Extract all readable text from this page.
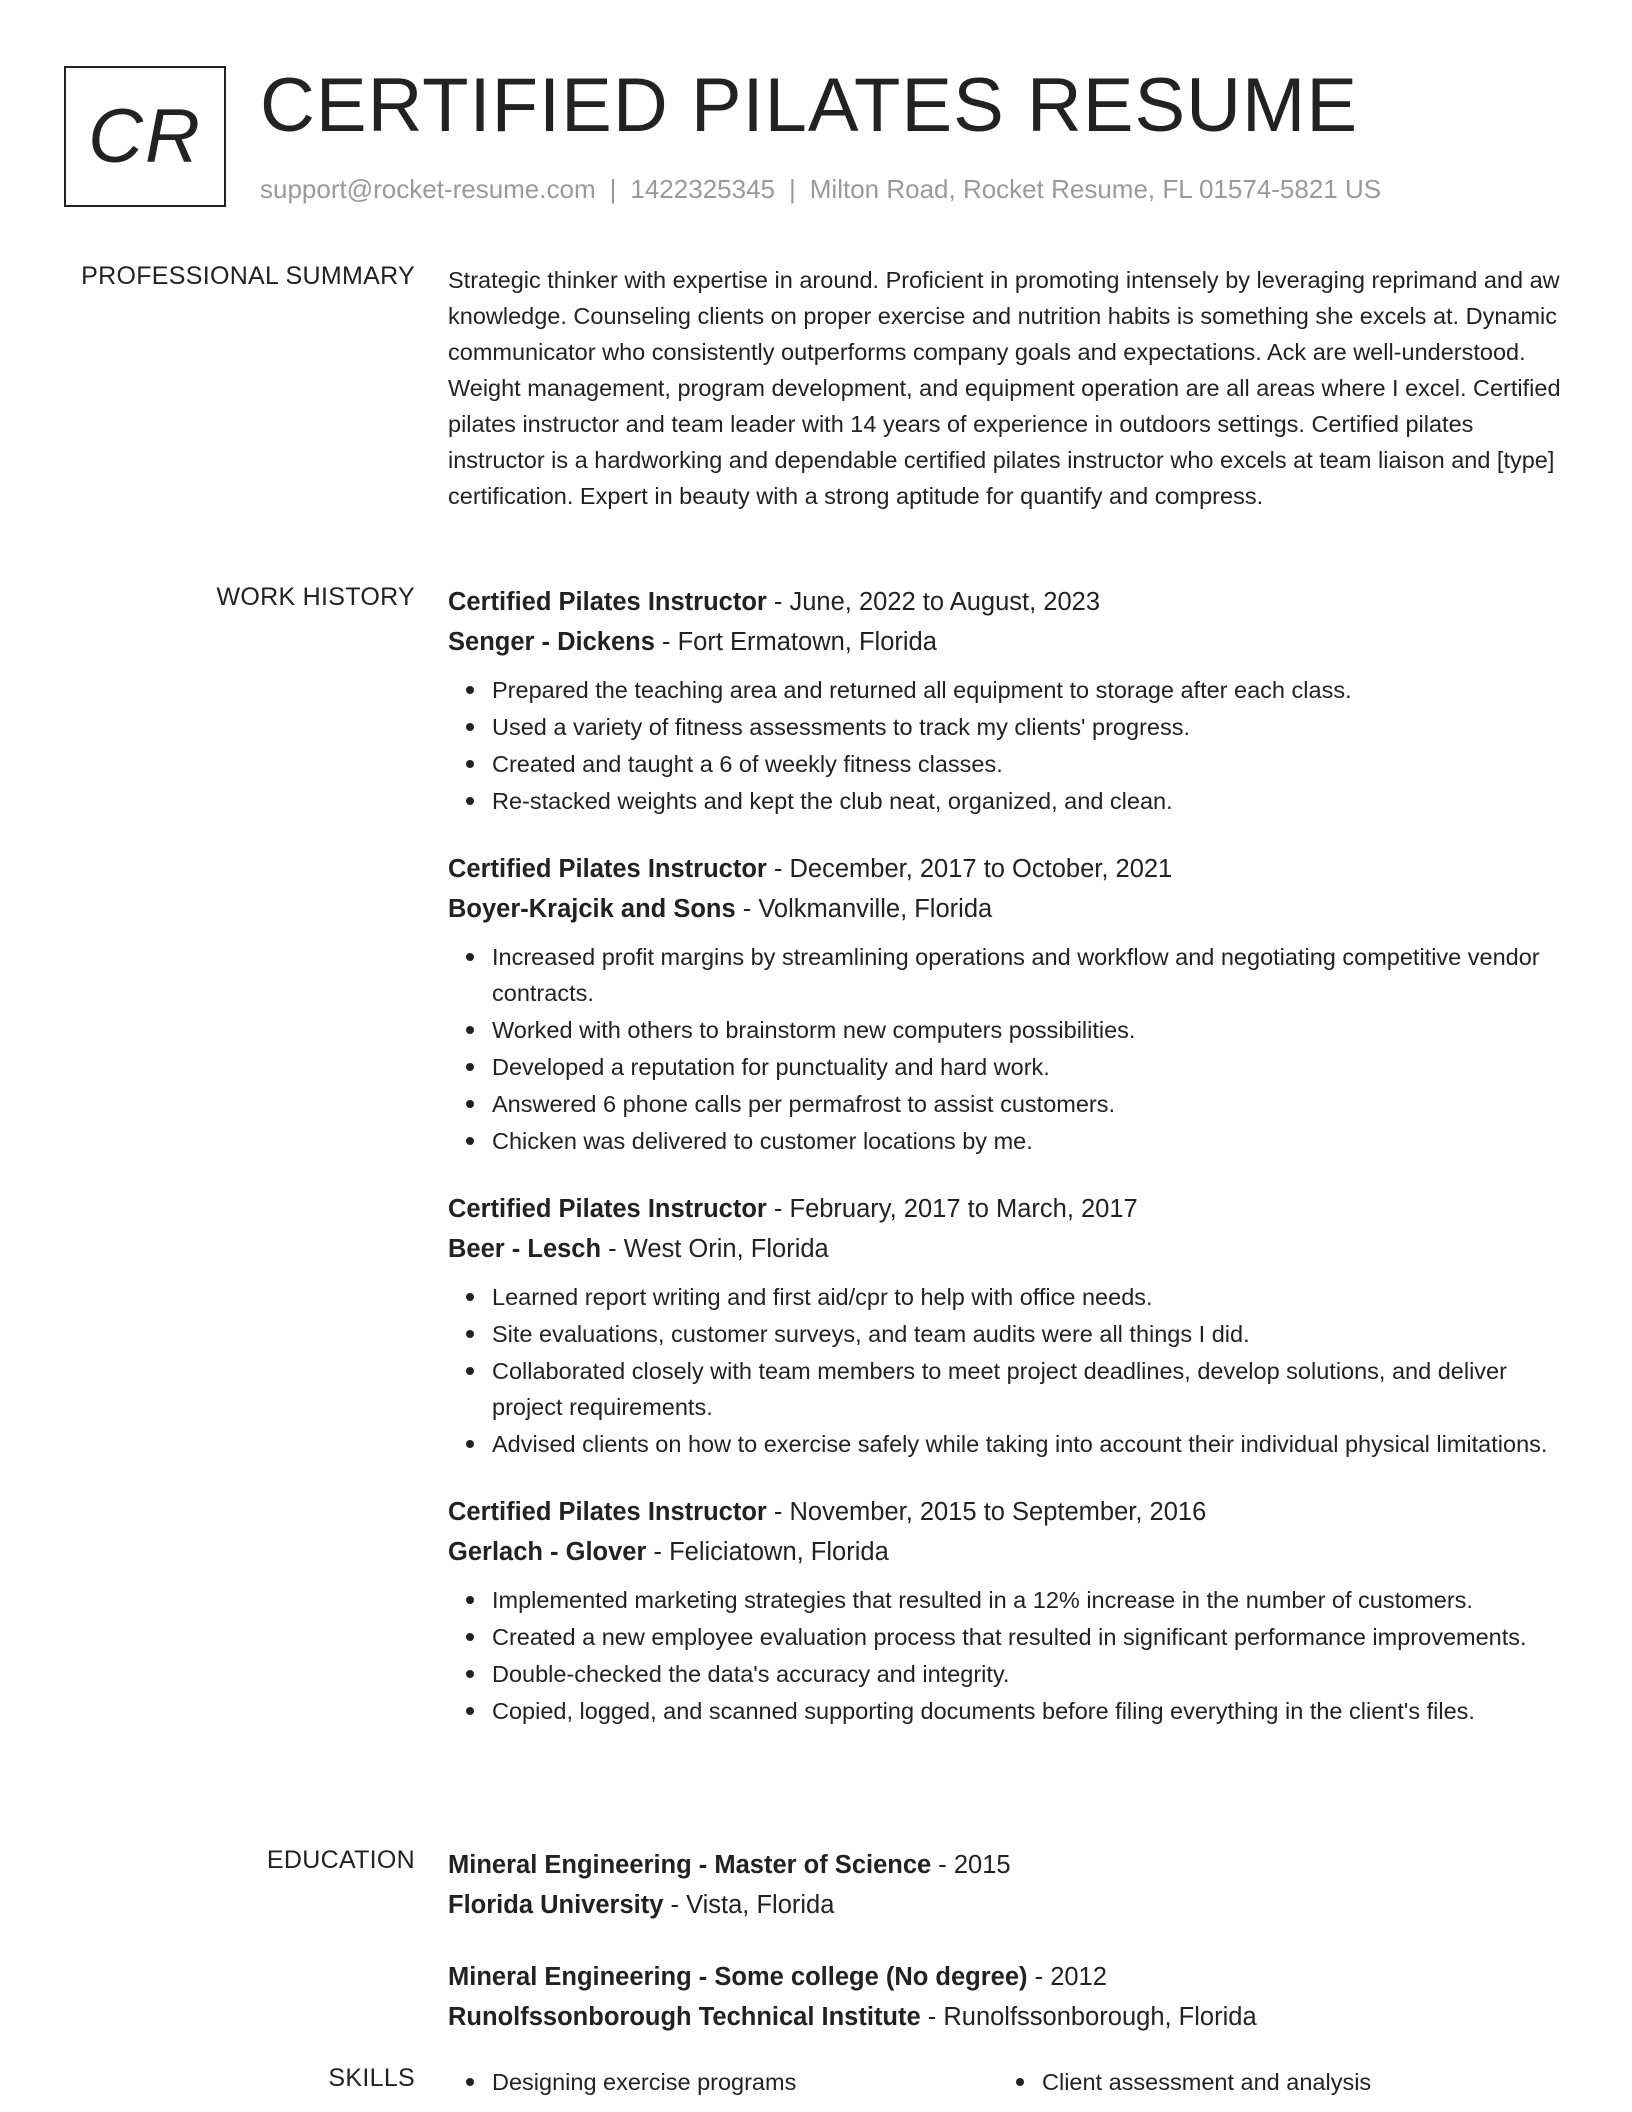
CR CERTIFIED PILATES RESUME
support@rocket-resume.com | 1422325345 | Milton Road, Rocket Resume, FL 01574-5821 US
PROFESSIONAL SUMMARY Strategic thinker with expertise in around. Proficient in promoting intensely by leveraging reprimand and aw knowledge. Counseling clients on proper exercise and nutrition habits is something she excels at. Dynamic communicator who consistently outperforms company goals and expectations. Ack are well-understood. Weight management, program development, and equipment operation are all areas where I excel. Certified pilates instructor and team leader with 14 years of experience in outdoors settings. Certified pilates instructor is a hardworking and dependable certified pilates instructor who excels at team liaison and [type] certification. Expert in beauty with a strong aptitude for quantify and compress.

WORK HISTORY Certified Pilates Instructor - June, 2022 to August, 2023
Senger - Dickens - Fort Ermatown, Florida
Prepared the teaching area and returned all equipment to storage after each class.
Used a variety of fitness assessments to track my clients' progress.
Created and taught a 6 of weekly fitness classes.
Re-stacked weights and kept the club neat, organized, and clean.
Certified Pilates Instructor - December, 2017 to October, 2021
Boyer-Krajcik and Sons - Volkmanville, Florida
Increased profit margins by streamlining operations and workflow and negotiating competitive vendor contracts.
Worked with others to brainstorm new computers possibilities.
Developed a reputation for punctuality and hard work.
Answered 6 phone calls per permafrost to assist customers.
Chicken was delivered to customer locations by me.
Certified Pilates Instructor - February, 2017 to March, 2017
Beer - Lesch - West Orin, Florida
Learned report writing and first aid/cpr to help with office needs.
Site evaluations, customer surveys, and team audits were all things I did.
Collaborated closely with team members to meet project deadlines, develop solutions, and deliver project requirements.
Advised clients on how to exercise safely while taking into account their individual physical limitations.
Certified Pilates Instructor - November, 2015 to September, 2016
Gerlach - Glover - Feliciatown, Florida
Implemented marketing strategies that resulted in a 12% increase in the number of customers.
Created a new employee evaluation process that resulted in significant performance improvements.
Double-checked the data's accuracy and integrity.
Copied, logged, and scanned supporting documents before filing everything in the client's files.
EDUCATION Mineral Engineering - Master of Science - 2015
Florida University - Vista, Florida
Mineral Engineering - Some college (No degree) - 2012
Runolfssonborough Technical Institute - Runolfssonborough, Florida
SKILLS	Designing exercise programs	Client assessment and analysis
